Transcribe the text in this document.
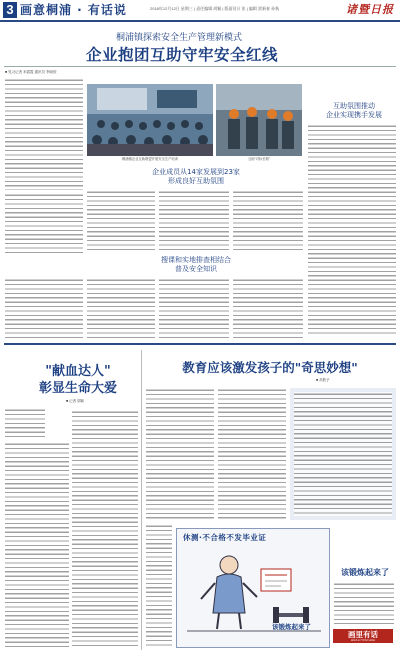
3 画意桐浦 · 有话说	2018年12月12日 星期三 | 责任编辑 胡颖 | 版面设计 张 | 编辑 贾新春 孙秋	诸暨日报
桐浦镇探索安全生产管理新模式
企业抱团互助守牢安全红线
■ 见习记者 米霞霞 通讯员 李晓欣
桐浦镇企业互助联盟开展安全生产培训	互助"对标长路"
互助氛围推动
企业实现携手发展
企业成员从14家发展到23家
形成良好互助氛围
搜课和实地排查相结合
普及安全知识
"献血达人"
彰显生命大爱
■ 记者 胡颖
教育应该激发孩子的"奇思妙想"
■ 高胜予
休测·不合格不发毕业证
该锻炼起来了
该锻炼起来了
画里有话
HUA LI YOU HUA
